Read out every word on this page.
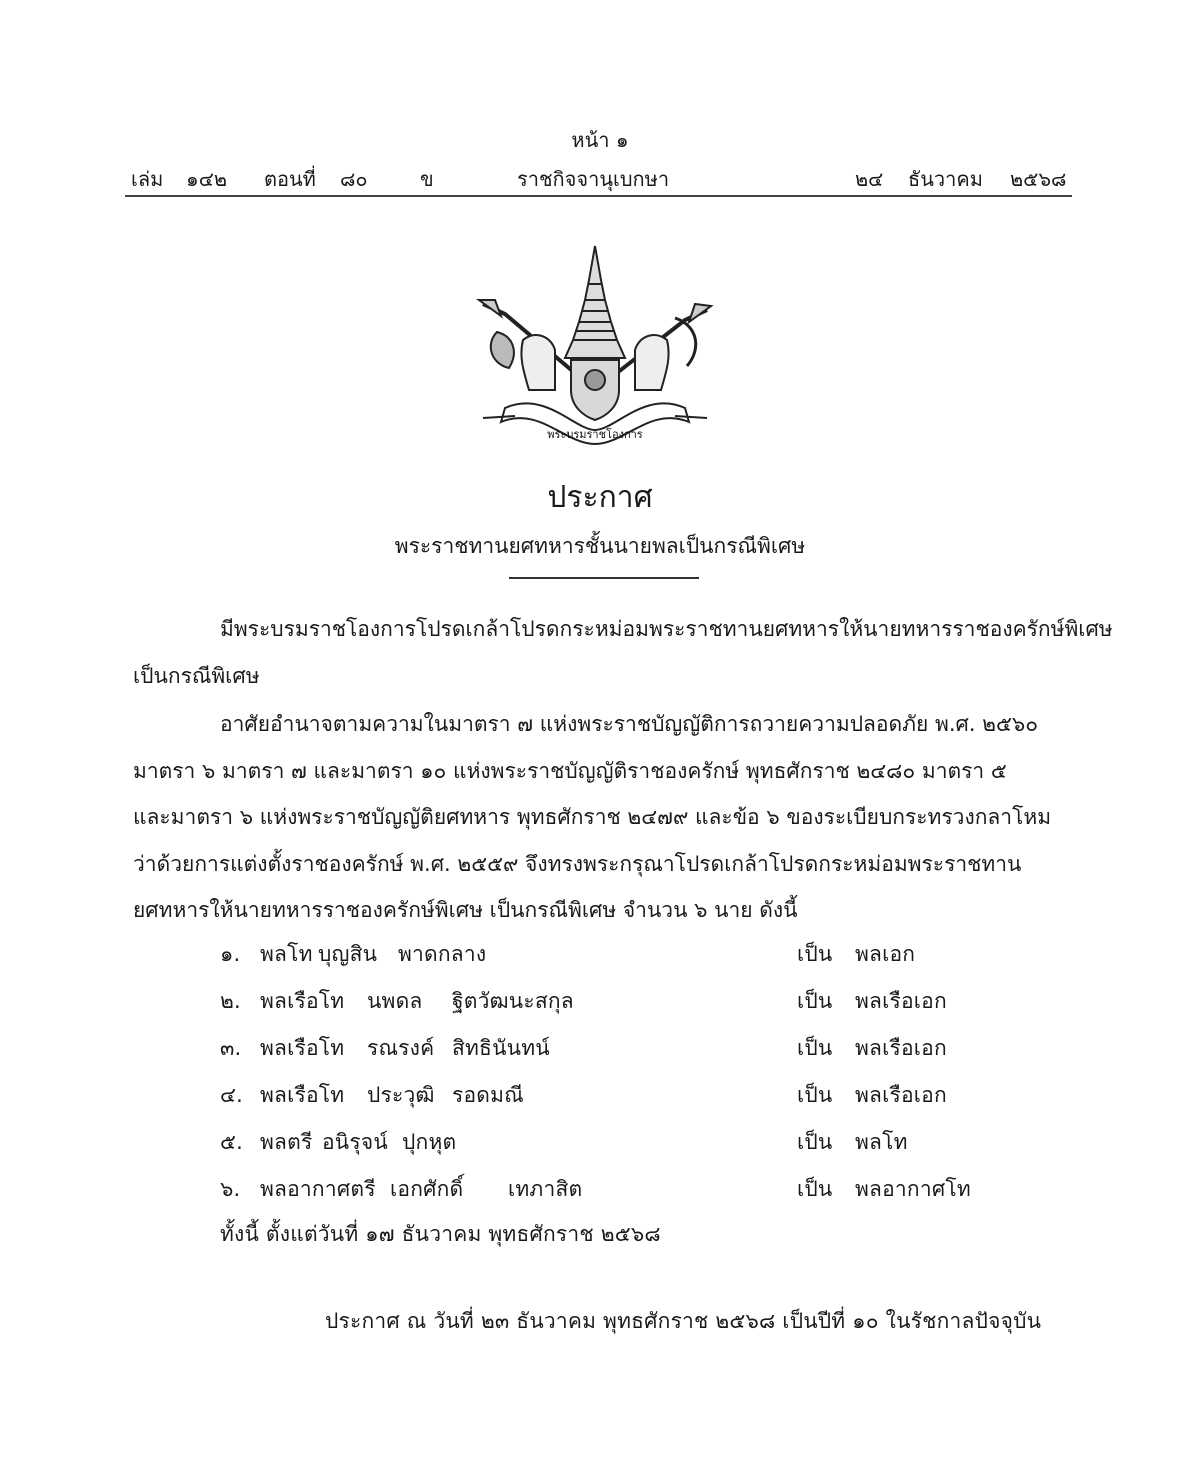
หน้า ๑
เล่ม ๑๔๒ ตอนที่ ๘๐	ข	ราชกิจจานุเบกษา	๒๔ ธันวาคม ๒๕๖๘
พระบรมราชโองการ
ประกาศ
พระราชทานยศทหารชั้นนายพลเป็นกรณีพิเศษ
มีพระบรมราชโองการโปรดเกล้าโปรดกระหม่อมพระราชทานยศทหารให้นายทหารราชองครักษ์พิเศษ
เป็นกรณีพิเศษ
อาศัยอำนาจตามความในมาตรา ๗ แห่งพระราชบัญญัติการถวายความปลอดภัย พ.ศ. ๒๕๖๐
มาตรา ๖ มาตรา ๗ และมาตรา ๑๐ แห่งพระราชบัญญัติราชองครักษ์ พุทธศักราช ๒๔๘๐ มาตรา ๕
และมาตรา ๖ แห่งพระราชบัญญัติยศทหาร พุทธศักราช ๒๔๗๙ และข้อ ๖ ของระเบียบกระทรวงกลาโหม
ว่าด้วยการแต่งตั้งราชองครักษ์ พ.ศ. ๒๕๕๙ จึงทรงพระกรุณาโปรดเกล้าโปรดกระหม่อมพระราชทาน
ยศทหารให้นายทหารราชองครักษ์พิเศษ เป็นกรณีพิเศษ จำนวน ๖ นาย ดังนี้
๑. พลโท บุญสิน พาดกลาง	เป็น พลเอก
๒. พลเรือโท นพดล ฐิตวัฒนะสกุล	เป็น พลเรือเอก
๓. พลเรือโท รณรงค์ สิทธินันทน์	เป็น พลเรือเอก
๔. พลเรือโท ประวุฒิ รอดมณี	เป็น พลเรือเอก
๕. พลตรี อนิรุจน์ ปุกหุต	เป็น พลโท
๖. พลอากาศตรี เอกศักดิ์ เทภาสิต	เป็น พลอากาศโท
ทั้งนี้ ตั้งแต่วันที่ ๑๗ ธันวาคม พุทธศักราช ๒๕๖๘
ประกาศ ณ วันที่ ๒๓ ธันวาคม พุทธศักราช ๒๕๖๘ เป็นปีที่ ๑๐ ในรัชกาลปัจจุบัน
